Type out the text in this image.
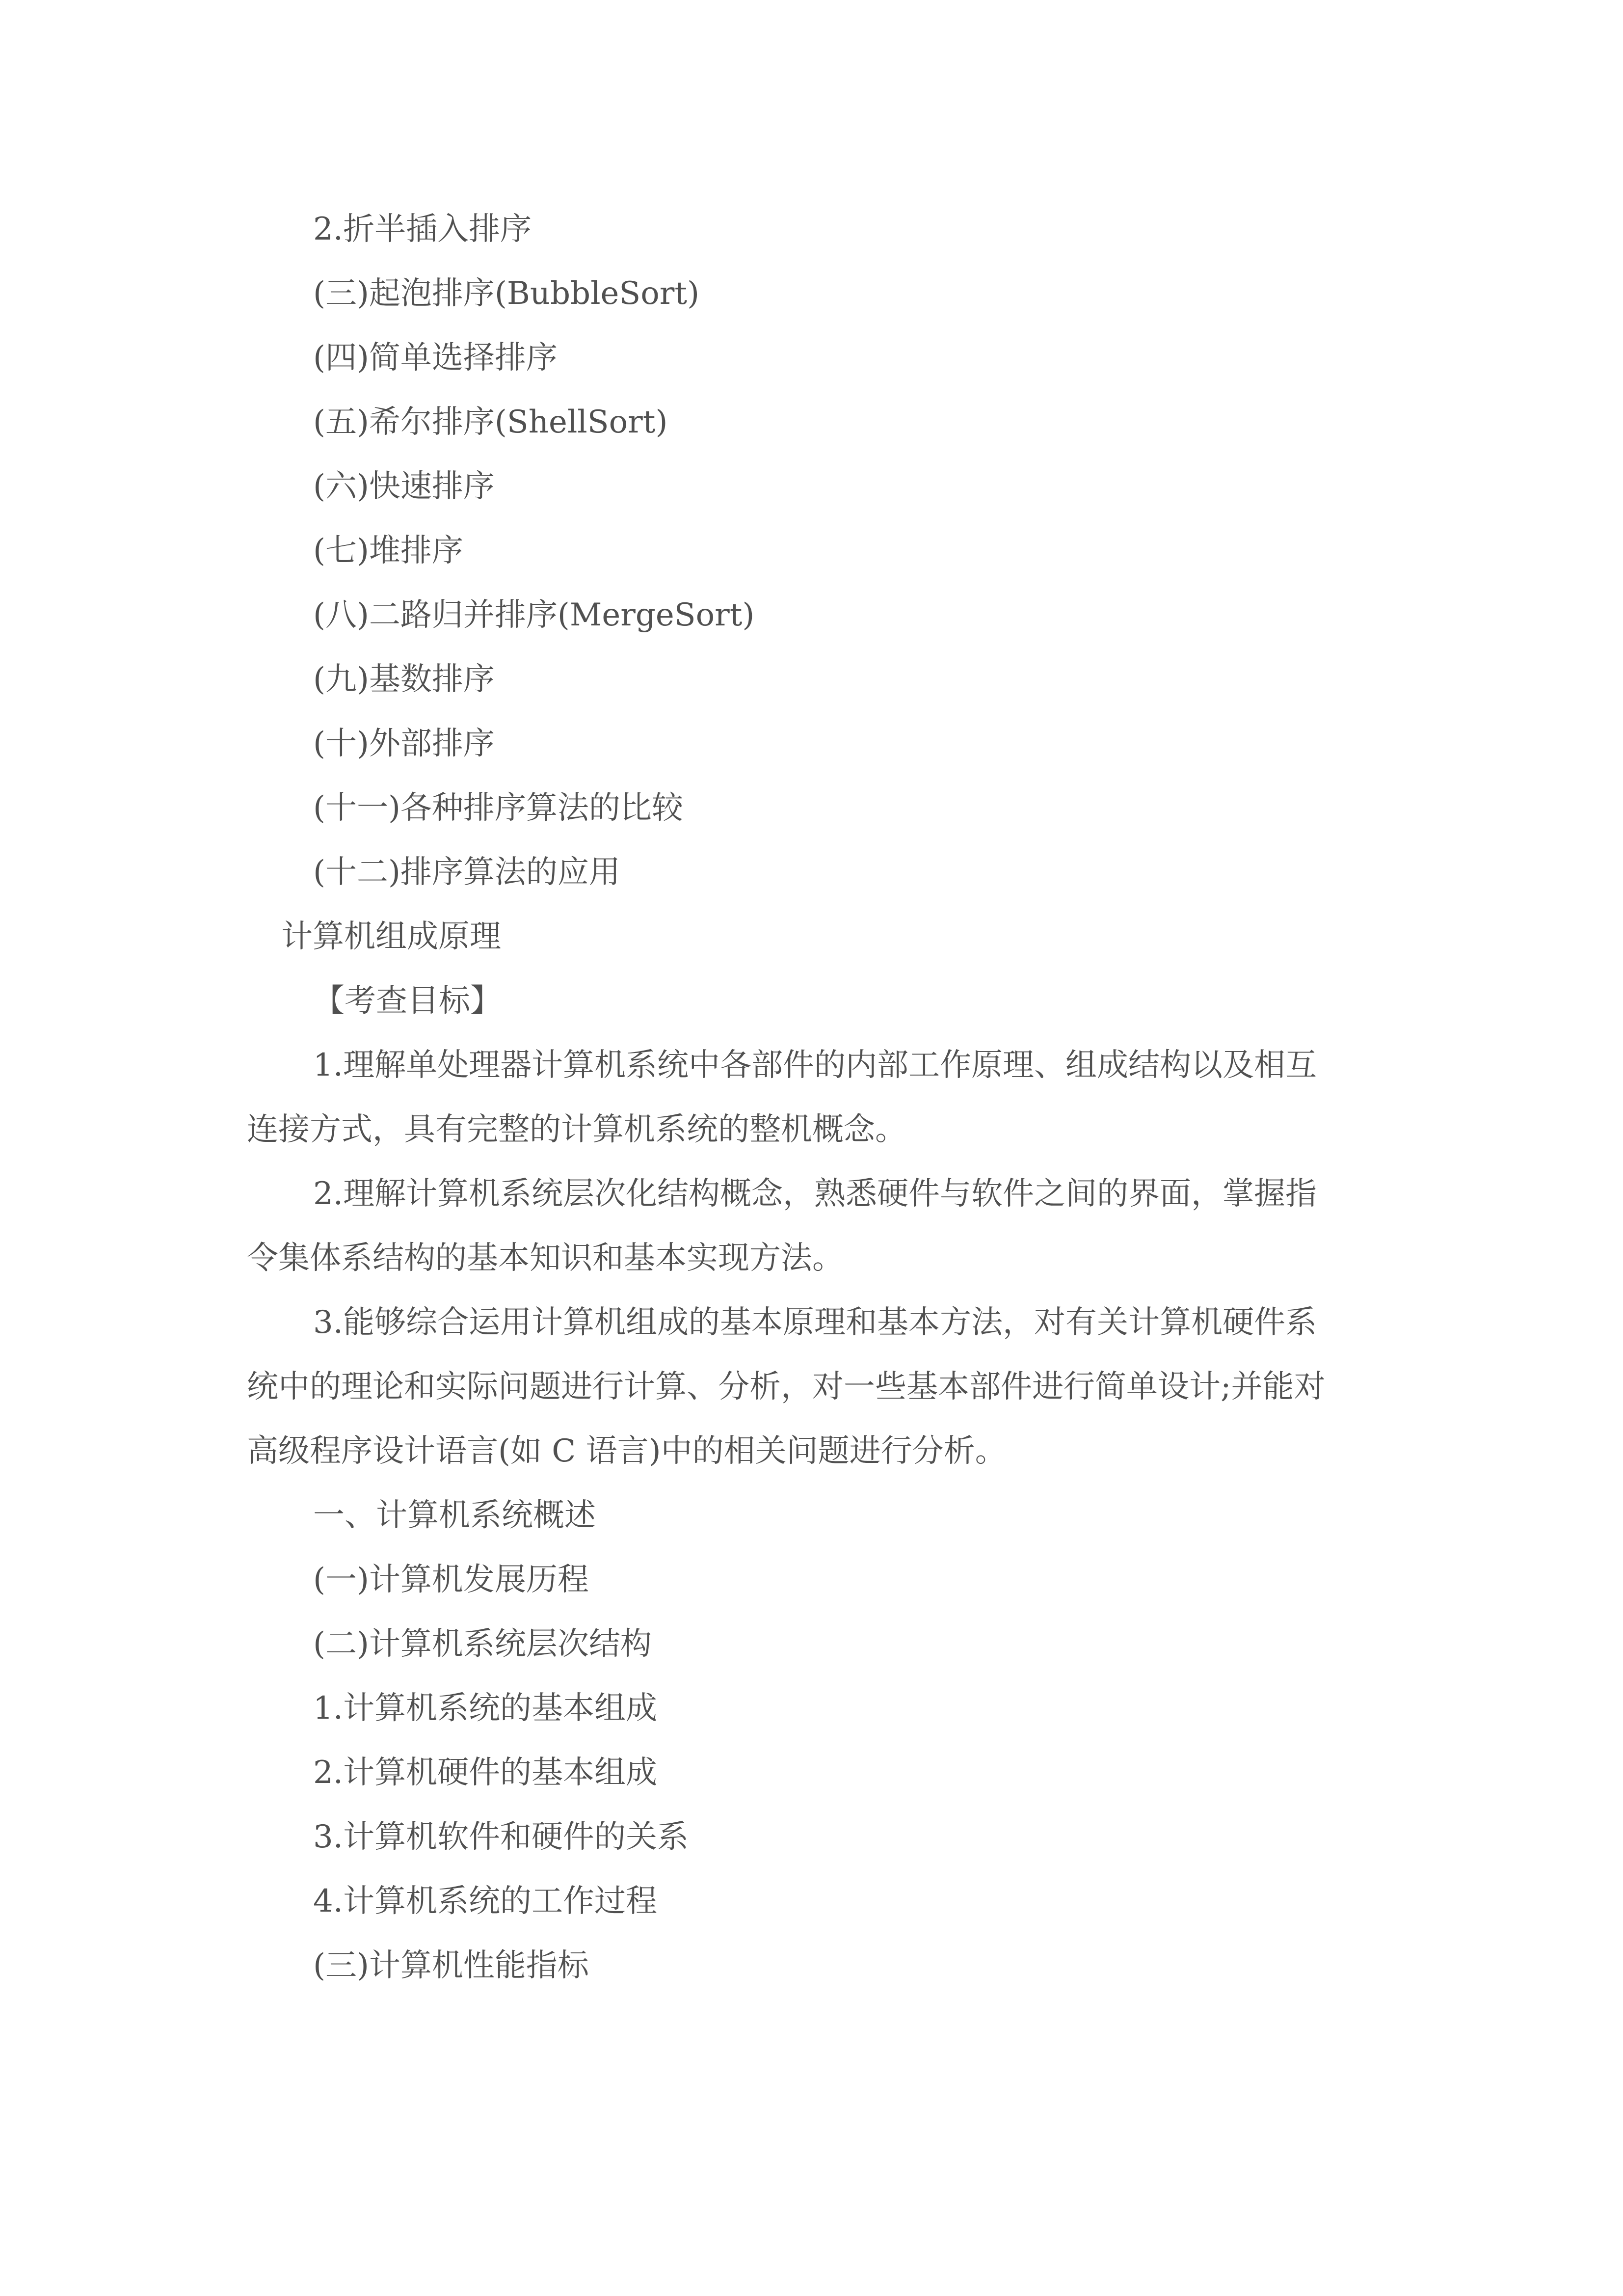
2.折半插入排序
(三)起泡排序(BubbleSort)
(四)简单选择排序
(五)希尔排序(ShellSort)
(六)快速排序
(七)堆排序
(八)二路归并排序(MergeSort)
(九)基数排序
(十)外部排序
(十一)各种排序算法的比较
(十二)排序算法的应用
计算机组成原理
【考查目标】
1.理解单处理器计算机系统中各部件的内部工作原理、组成结构以及相互
连接方式，具有完整的计算机系统的整机概念。
2.理解计算机系统层次化结构概念，熟悉硬件与软件之间的界面，掌握指
令集体系结构的基本知识和基本实现方法。
3.能够综合运用计算机组成的基本原理和基本方法，对有关计算机硬件系
统中的理论和实际问题进行计算、分析，对一些基本部件进行简单设计;并能对
高级程序设计语言(如 C 语言)中的相关问题进行分析。
一、计算机系统概述
(一)计算机发展历程
(二)计算机系统层次结构
1.计算机系统的基本组成
2.计算机硬件的基本组成
3.计算机软件和硬件的关系
4.计算机系统的工作过程
(三)计算机性能指标
